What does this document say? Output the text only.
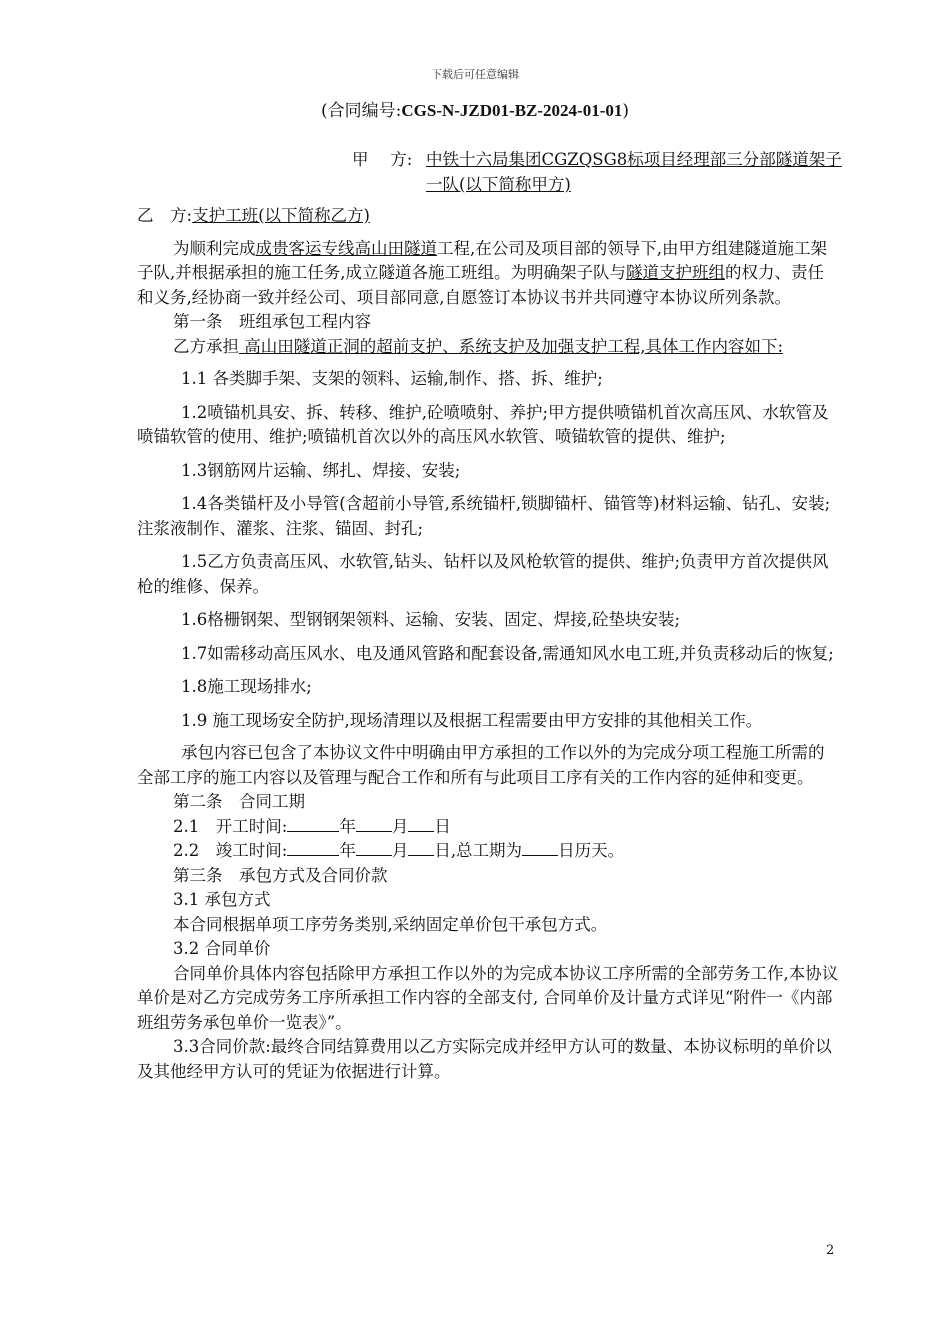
下载后可任意编辑
(合同编号:CGS-N-JZD01-BZ-2024-01-01)
甲　 方: 中铁十六局集团CGZQSG8标项目经理部三分部隧道架子一队(以下简称甲方)

乙　方:支护工班(以下简称乙方)

为顺利完成成贵客运专线高山田隧道工程,在公司及项目部的领导下,由甲方组建隧道施工架子队,并根据承担的施工任务,成立隧道各施工班组。为明确架子队与隧道支护班组的权力、责任和义务,经协商一致并经公司、项目部同意,自愿签订本协议书并共同遵守本协议所列条款。

第一条　班组承包工程内容

乙方承担 高山田隧道正洞的超前支护、系统支护及加强支护工程,具体工作内容如下:

1.1 各类脚手架、支架的领料、运输,制作、搭、拆、维护;

1.2喷锚机具安、拆、转移、维护,砼喷喷射、养护;甲方提供喷锚机首次高压风、水软管及喷锚软管的使用、维护;喷锚机首次以外的高压风水软管、喷锚软管的提供、维护;

1.3钢筋网片运输、绑扎、焊接、安装;

1.4各类锚杆及小导管(含超前小导管,系统锚杆,锁脚锚杆、锚管等)材料运输、钻孔、安装;注浆液制作、灌浆、注浆、锚固、封孔;

1.5乙方负责高压风、水软管,钻头、钻杆以及风枪软管的提供、维护;负责甲方首次提供风枪的维修、保养。

1.6格栅钢架、型钢钢架领料、运输、安装、固定、焊接,砼垫块安装;

1.7如需移动高压风水、电及通风管路和配套设备,需通知风水电工班,并负责移动后的恢复;

1.8施工现场排水;

1.9 施工现场安全防护,现场清理以及根据工程需要由甲方安排的其他相关工作。

承包内容已包含了本协议文件中明确由甲方承担的工作以外的为完成分项工程施工所需的全部工序的施工内容以及管理与配合工作和所有与此项目工序有关的工作内容的延伸和变更。

第二条　合同工期

2.1　开工时间:	年 月 日

2.2　竣工时间:	年 月 日,总工期为 日历天。

第三条　承包方式及合同价款

3.1 承包方式

本合同根据单项工序劳务类别,采纳固定单价包干承包方式。

3.2 合同单价

合同单价具体内容包括除甲方承担工作以外的为完成本协议工序所需的全部劳务工作,本协议单价是对乙方完成劳务工序所承担工作内容的全部支付, 合同单价及计量方式详见“附件一《内部班组劳务承包单价一览表》”。

3.3合同价款:最终合同结算费用以乙方实际完成并经甲方认可的数量、本协议标明的单价以及其他经甲方认可的凭证为依据进行计算。

2
